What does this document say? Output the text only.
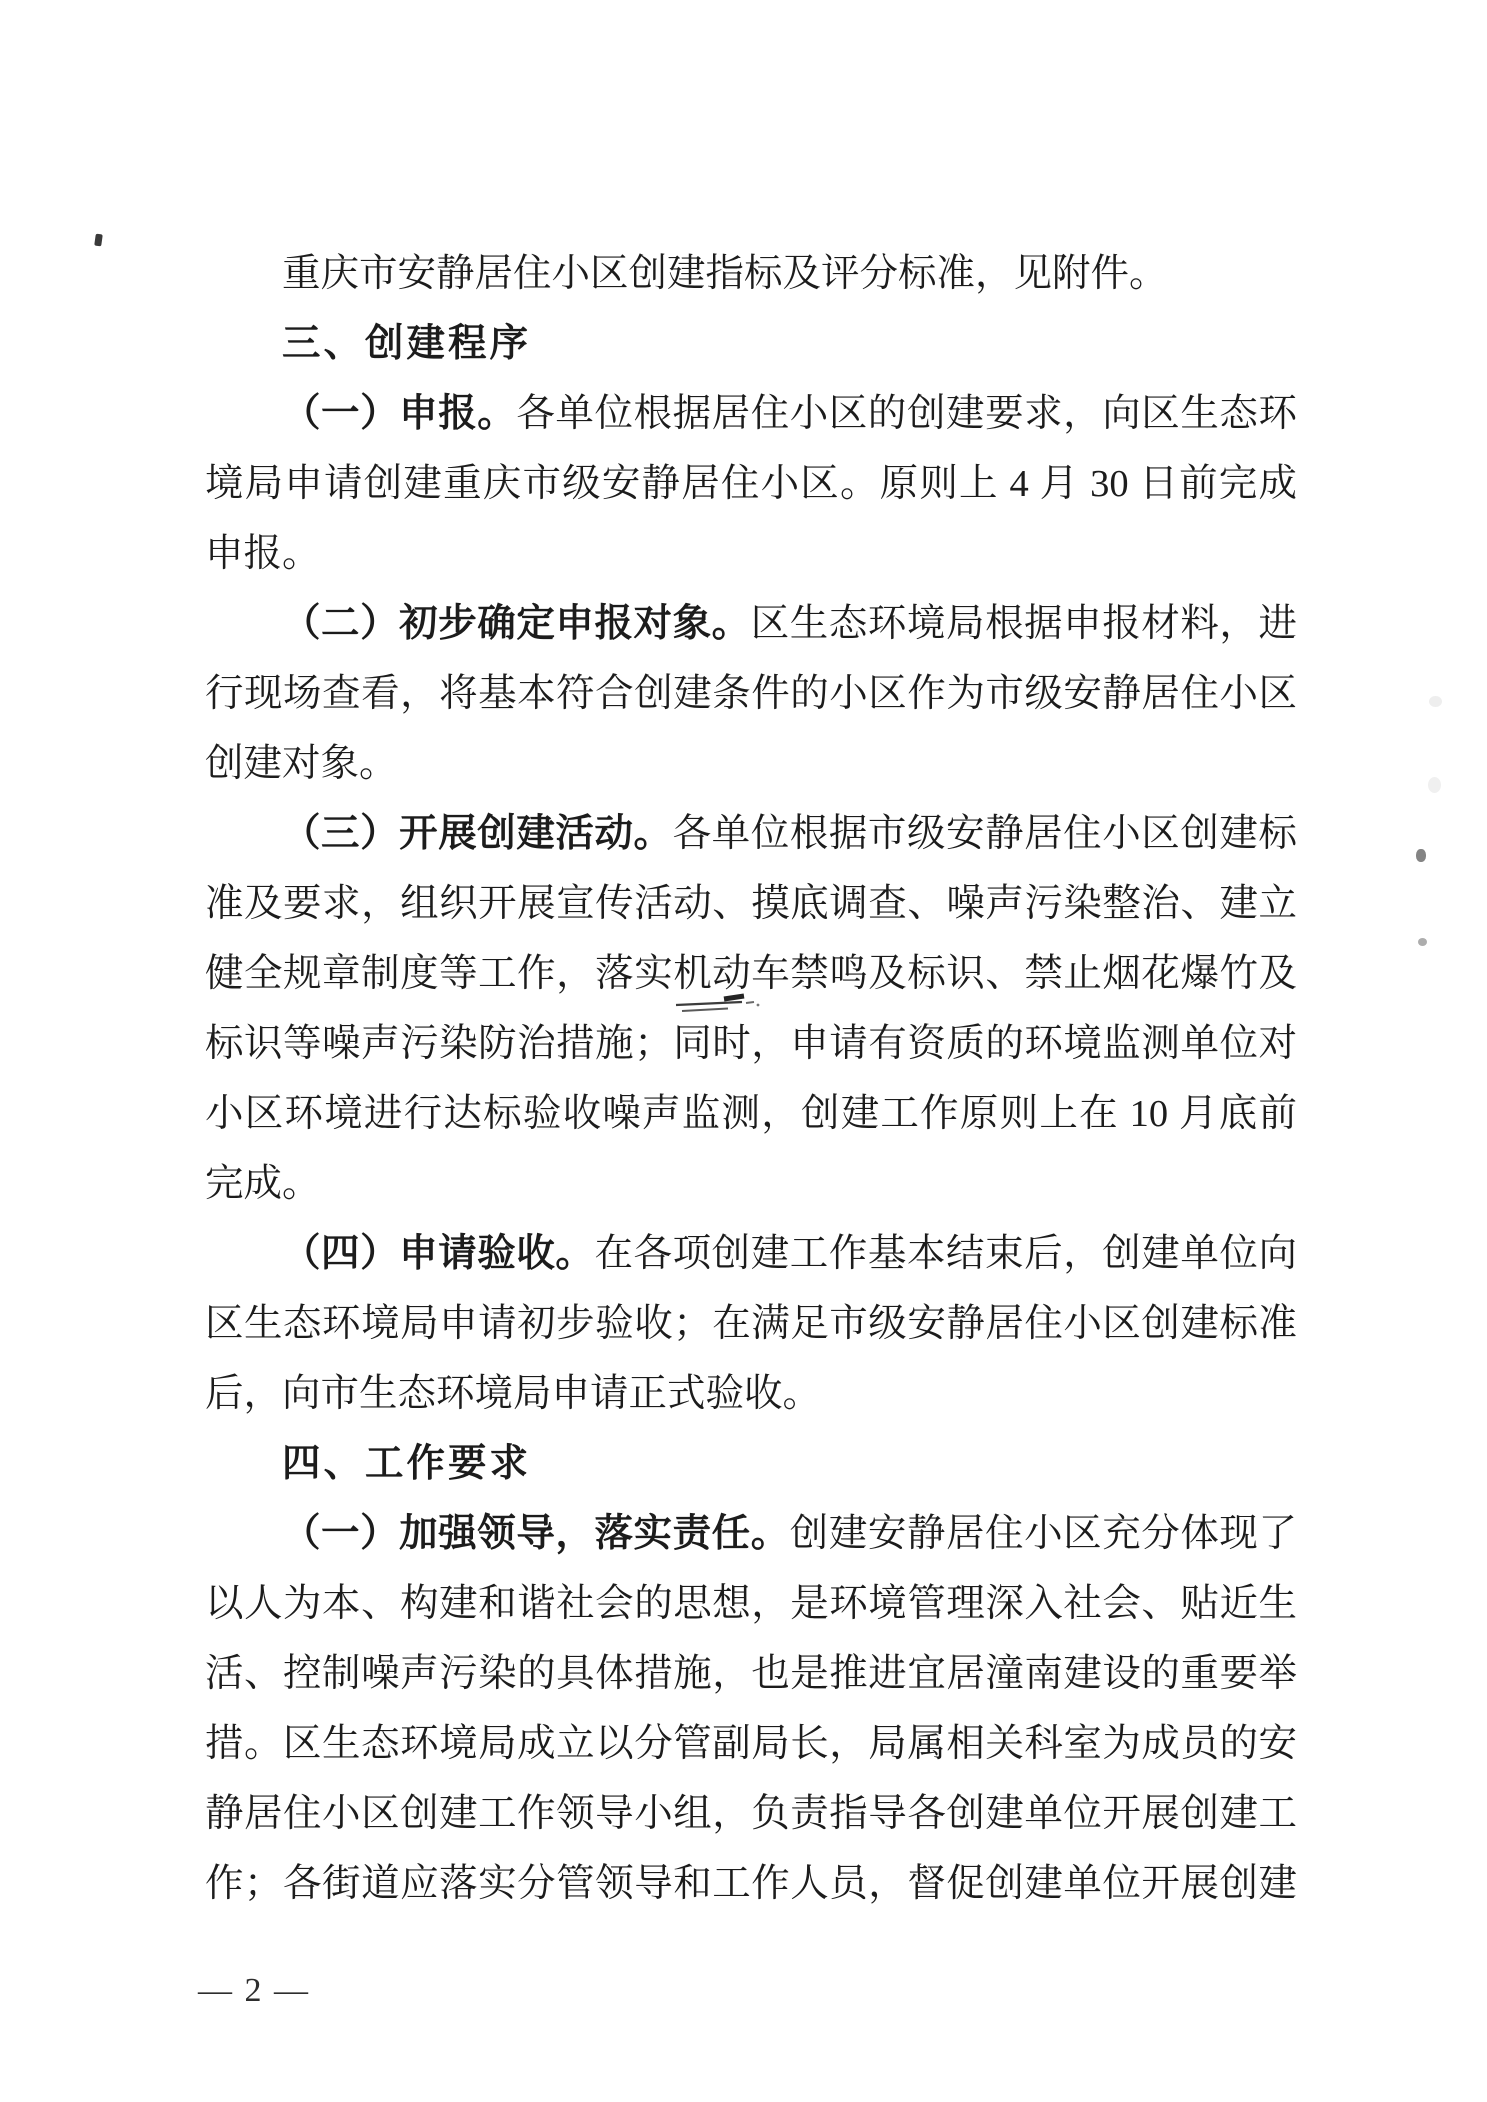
重庆市安静居住小区创建指标及评分标准，见附件。
三、创建程序
（一）申报。各单位根据居住小区的创建要求，向区生态环
境局申请创建重庆市级安静居住小区。原则上 4 月 30 日前完成
申报。
（二）初步确定申报对象。区生态环境局根据申报材料，进
行现场查看，将基本符合创建条件的小区作为市级安静居住小区
创建对象。
（三）开展创建活动。各单位根据市级安静居住小区创建标
准及要求，组织开展宣传活动、摸底调查、噪声污染整治、建立
健全规章制度等工作，落实机动车禁鸣及标识、禁止烟花爆竹及
标识等噪声污染防治措施；同时，申请有资质的环境监测单位对
小区环境进行达标验收噪声监测，创建工作原则上在 10 月底前
完成。
（四）申请验收。在各项创建工作基本结束后，创建单位向
区生态环境局申请初步验收；在满足市级安静居住小区创建标准
后，向市生态环境局申请正式验收。
四、工作要求
（一）加强领导，落实责任。创建安静居住小区充分体现了
以人为本、构建和谐社会的思想，是环境管理深入社会、贴近生
活、控制噪声污染的具体措施，也是推进宜居潼南建设的重要举
措。区生态环境局成立以分管副局长，局属相关科室为成员的安
静居住小区创建工作领导小组，负责指导各创建单位开展创建工
作；各街道应落实分管领导和工作人员，督促创建单位开展创建
— 2 —
